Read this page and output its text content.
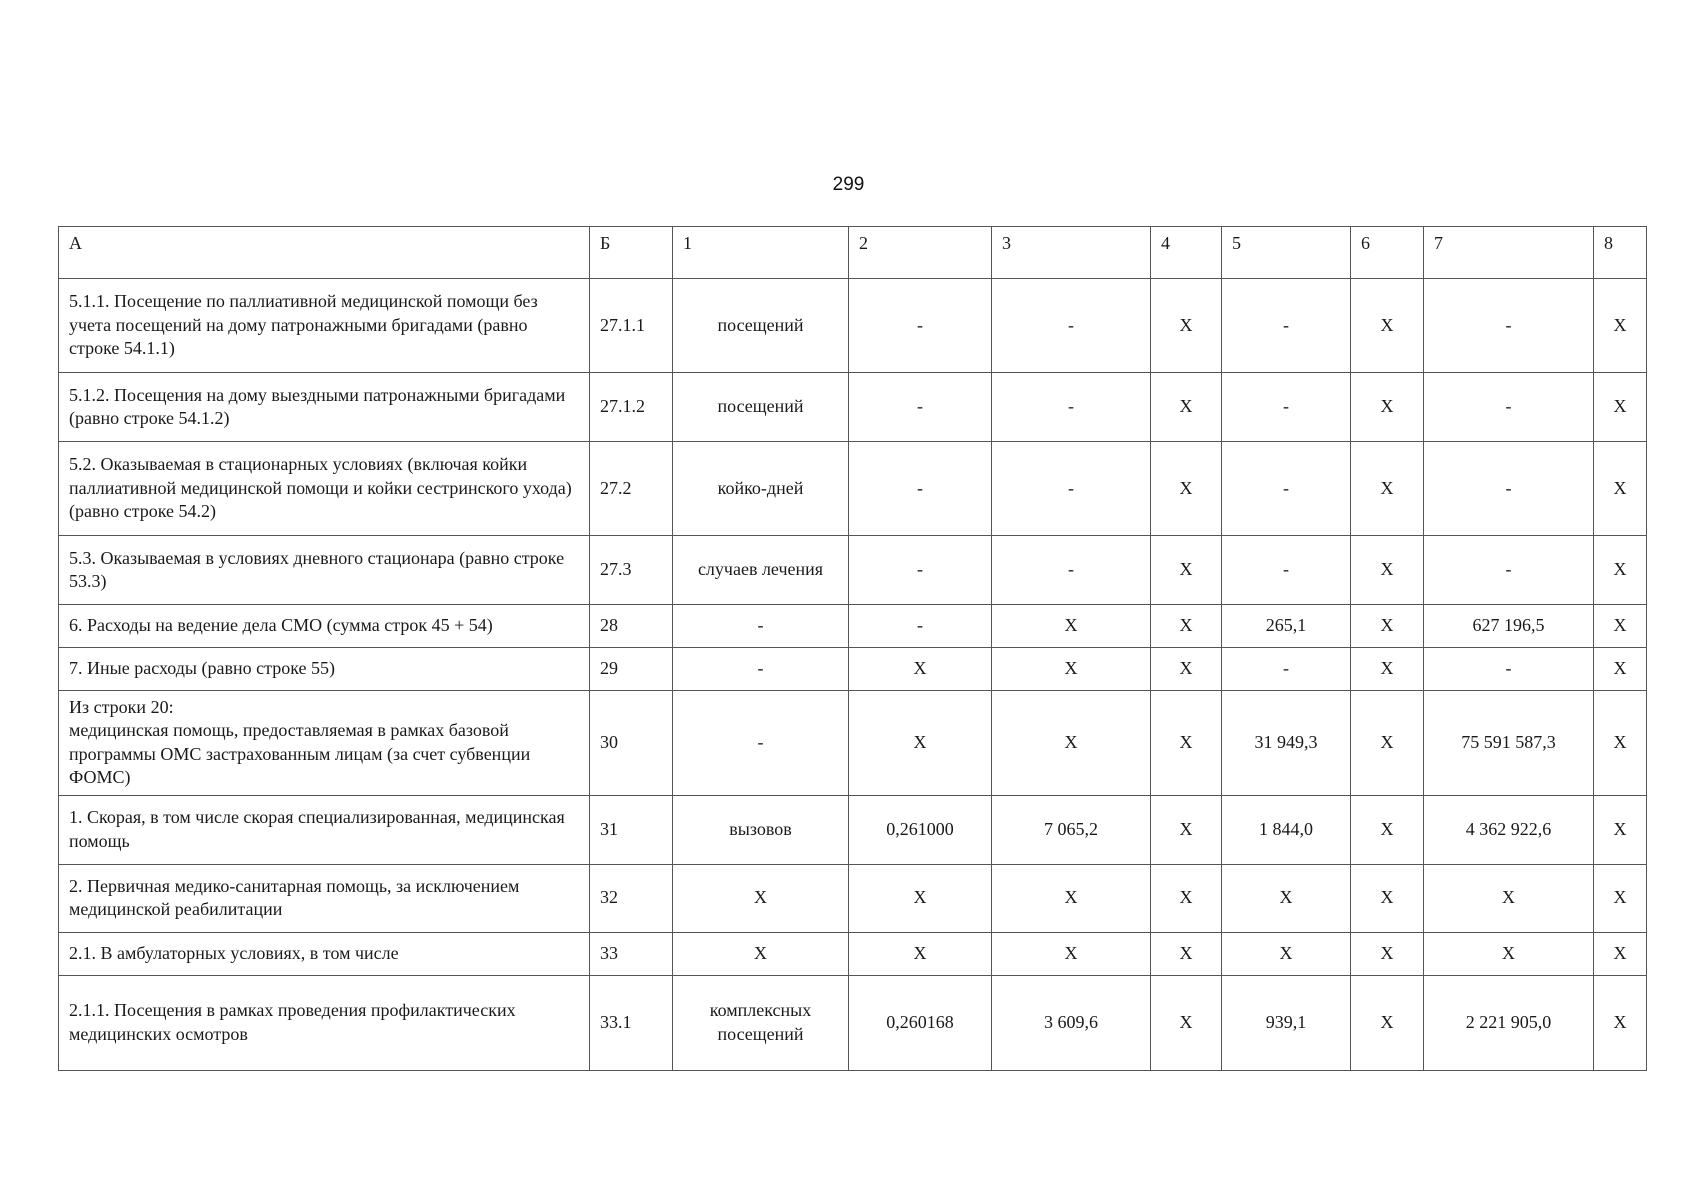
299
А	Б	1	2	3	4	5	6	7	8
5.1.1. Посещение по паллиативной медицинской помощи без учета посещений на дому патронажными бригадами (равно строке 54.1.1)	27.1.1	посещений	-	-	Х	-	Х	-	Х
5.1.2. Посещения на дому выездными патронажными бригадами (равно строке 54.1.2)	27.1.2	посещений	-	-	Х	-	Х	-	Х
5.2. Оказываемая в стационарных условиях (включая койки паллиативной медицинской помощи и койки сестринского ухода) (равно строке 54.2)	27.2	койко-дней	-	-	Х	-	Х	-	Х
5.3. Оказываемая в условиях дневного стационара (равно строке 53.3)	27.3	случаев лечения	-	-	Х	-	Х	-	Х
6. Расходы на ведение дела СМО (сумма строк 45 + 54)	28	-	-	Х	Х	265,1	Х	627 196,5	Х
7. Иные расходы (равно строке 55)	29	-	Х	Х	Х	-	Х	-	Х
Из строки 20:
медицинская помощь, предоставляемая в рамках базовой программы ОМС застрахованным лицам (за счет субвенции ФОМС)	30	-	Х	Х	Х	31 949,3	Х	75 591 587,3	Х
1. Скорая, в том числе скорая специализированная, медицинская помощь	31	вызовов	0,261000	7 065,2	Х	1 844,0	Х	4 362 922,6	Х
2. Первичная медико-санитарная помощь, за исключением медицинской реабилитации	32	Х	Х	Х	Х	Х	Х	Х	Х
2.1. В амбулаторных условиях, в том числе	33	Х	Х	Х	Х	Х	Х	Х	Х
2.1.1. Посещения в рамках проведения профилактических медицинских осмотров	33.1	комплексных посещений	0,260168	3 609,6	Х	939,1	Х	2 221 905,0	Х
